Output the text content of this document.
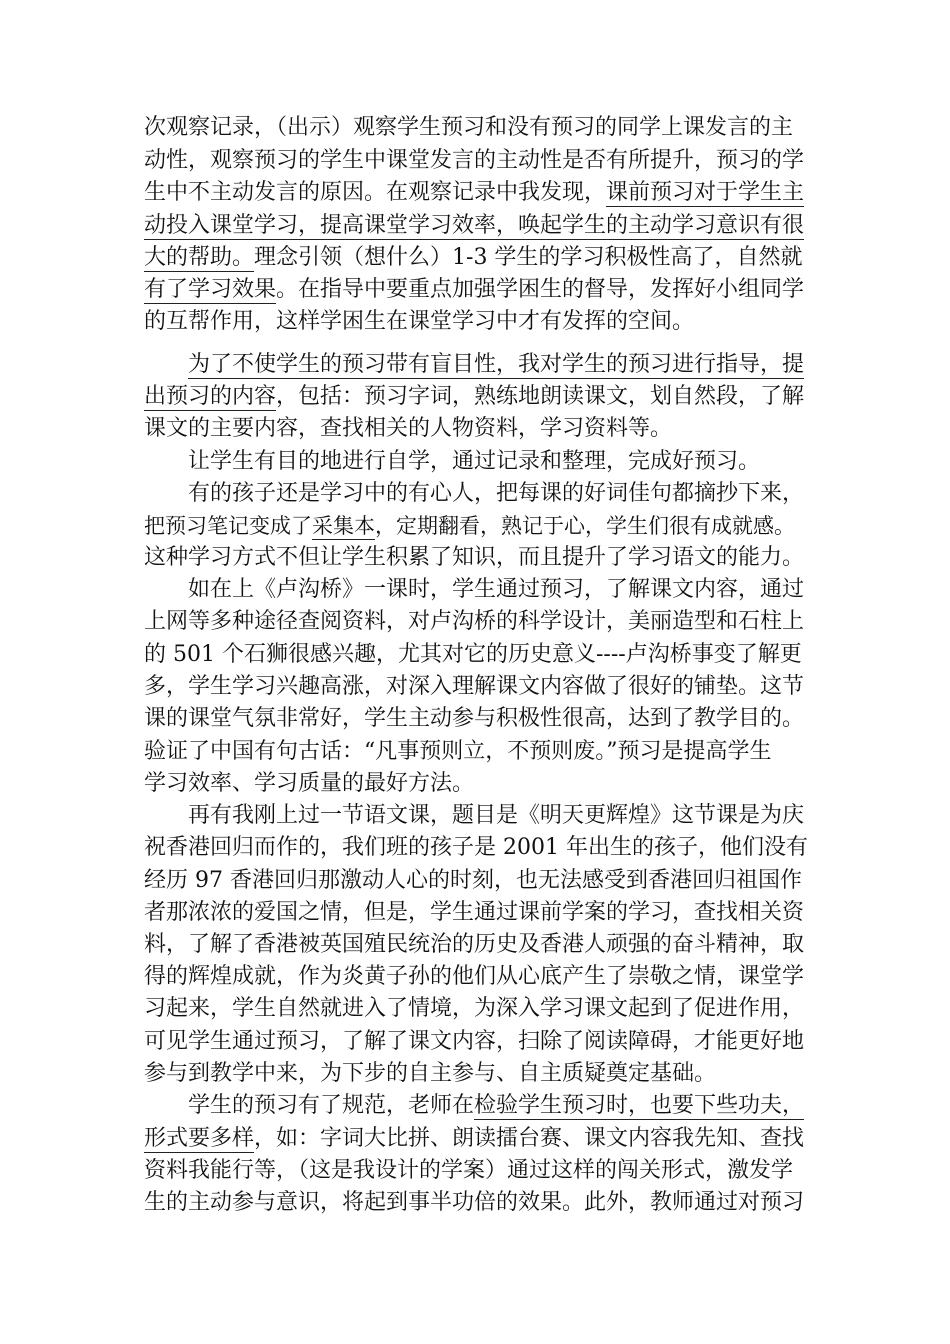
次观察记录，（出示）观察学生预习和没有预习的同学上课发言的主
动性，观察预习的学生中课堂发言的主动性是否有所提升，预习的学
生中不主动发言的原因。在观察记录中我发现，课前预习对于学生主
动投入课堂学习，提高课堂学习效率，唤起学生的主动学习意识有很
大的帮助。理念引领（想什么）1-3 学生的学习积极性高了，自然就
有了学习效果。在指导中要重点加强学困生的督导，发挥好小组同学
的互帮作用，这样学困生在课堂学习中才有发挥的空间。
为了不使学生的预习带有盲目性，我对学生的预习进行指导，提
出预习的内容，包括：预习字词，熟练地朗读课文，划自然段，了解
课文的主要内容，查找相关的人物资料，学习资料等。
让学生有目的地进行自学，通过记录和整理，完成好预习。
有的孩子还是学习中的有心人，把每课的好词佳句都摘抄下来，
把预习笔记变成了采集本，定期翻看，熟记于心，学生们很有成就感。
这种学习方式不但让学生积累了知识，而且提升了学习语文的能力。
如在上《卢沟桥》一课时，学生通过预习，了解课文内容，通过
上网等多种途径查阅资料，对卢沟桥的科学设计，美丽造型和石柱上
的 501 个石狮很感兴趣，尤其对它的历史意义----卢沟桥事变了解更
多，学生学习兴趣高涨，对深入理解课文内容做了很好的铺垫。这节
课的课堂气氛非常好，学生主动参与积极性很高，达到了教学目的。
验证了中国有句古话：“凡事预则立，不预则废。”预习是提高学生
学习效率、学习质量的最好方法。
再有我刚上过一节语文课，题目是《明天更辉煌》这节课是为庆
祝香港回归而作的，我们班的孩子是 2001 年出生的孩子，他们没有
经历 97 香港回归那激动人心的时刻，也无法感受到香港回归祖国作
者那浓浓的爱国之情，但是，学生通过课前学案的学习，查找相关资
料，了解了香港被英国殖民统治的历史及香港人顽强的奋斗精神，取
得的辉煌成就，作为炎黄子孙的他们从心底产生了崇敬之情，课堂学
习起来，学生自然就进入了情境，为深入学习课文起到了促进作用，
可见学生通过预习，了解了课文内容，扫除了阅读障碍，才能更好地
参与到教学中来，为下步的自主参与、自主质疑奠定基础。
学生的预习有了规范，老师在检验学生预习时，也要下些功夫，
形式要多样，如：字词大比拼、朗读擂台赛、课文内容我先知、查找
资料我能行等，（这是我设计的学案）通过这样的闯关形式，激发学
生的主动参与意识，将起到事半功倍的效果。此外，教师通过对预习
